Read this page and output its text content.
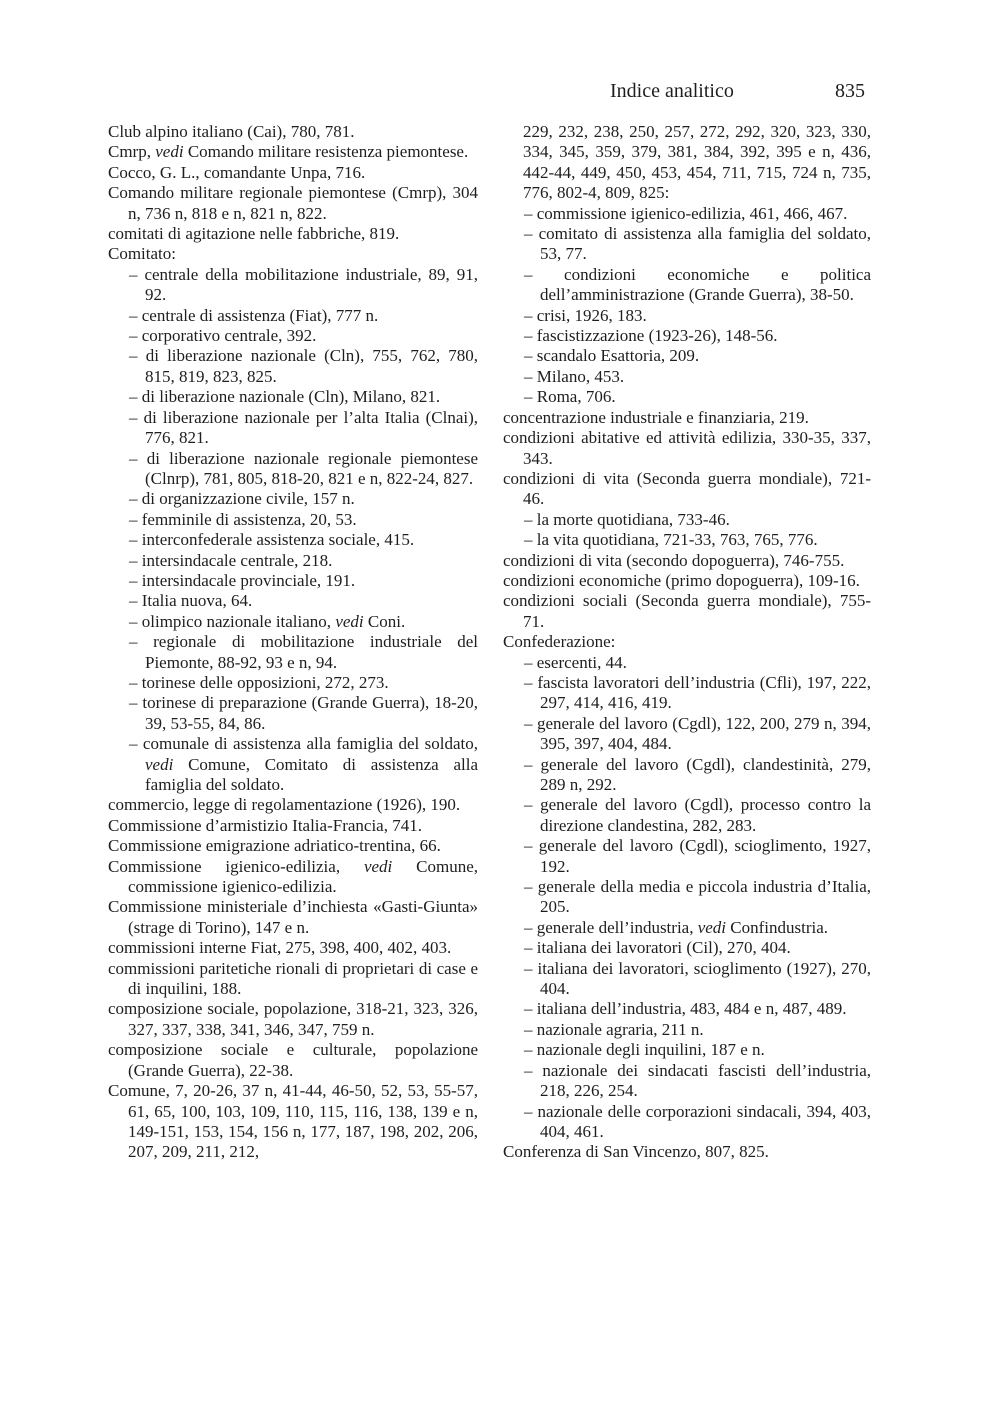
Indice analitico	835

Club alpino italiano (Cai), 780, 781.

Cmrp, vedi Comando militare resistenza piemontese.

Cocco, G. L., comandante Unpa, 716.

Comando militare regionale piemontese (Cmrp), 304 n, 736 n, 818 e n, 821 n, 822.

comitati di agitazione nelle fabbriche, 819.

Comitato:

– centrale della mobilitazione industriale, 89, 91, 92.

– centrale di assistenza (Fiat), 777 n.

– corporativo centrale, 392.

– di liberazione nazionale (Cln), 755, 762, 780, 815, 819, 823, 825.

– di liberazione nazionale (Cln), Milano, 821.

– di liberazione nazionale per l’alta Italia (Clnai), 776, 821.

– di liberazione nazionale regionale piemontese (Clnrp), 781, 805, 818-20, 821 e n, 822-24, 827.

– di organizzazione civile, 157 n.

– femminile di assistenza, 20, 53.

– interconfederale assistenza sociale, 415.

– intersindacale centrale, 218.

– intersindacale provinciale, 191.

– Italia nuova, 64.

– olimpico nazionale italiano, vedi Coni.

– regionale di mobilitazione industriale del Piemonte, 88-92, 93 e n, 94.

– torinese delle opposizioni, 272, 273.

– torinese di preparazione (Grande Guerra), 18-20, 39, 53-55, 84, 86.

– comunale di assistenza alla famiglia del soldato, vedi Comune, Comitato di assistenza alla famiglia del soldato.

commercio, legge di regolamentazione (1926), 190.

Commissione d’armistizio Italia-Francia, 741.

Commissione emigrazione adriatico-trentina, 66.

Commissione igienico-edilizia, vedi Comune, commissione igienico-edilizia.

Commissione ministeriale d’inchiesta «Gasti-Giunta» (strage di Torino), 147 e n.

commissioni interne Fiat, 275, 398, 400, 402, 403.

commissioni paritetiche rionali di proprietari di case e di inquilini, 188.

composizione sociale, popolazione, 318-21, 323, 326, 327, 337, 338, 341, 346, 347, 759 n.

composizione sociale e culturale, popolazione (Grande Guerra), 22-38.

Comune, 7, 20-26, 37 n, 41-44, 46-50, 52, 53, 55-57, 61, 65, 100, 103, 109, 110, 115, 116, 138, 139 e n, 149-151, 153, 154, 156 n, 177, 187, 198, 202, 206, 207, 209, 211, 212,

229, 232, 238, 250, 257, 272, 292, 320, 323, 330, 334, 345, 359, 379, 381, 384, 392, 395 e n, 436, 442-44, 449, 450, 453, 454, 711, 715, 724 n, 735, 776, 802-4, 809, 825:

– commissione igienico-edilizia, 461, 466, 467.

– comitato di assistenza alla famiglia del soldato, 53, 77.

– condizioni economiche e politica dell’amministrazione (Grande Guerra), 38-50.

– crisi, 1926, 183.

– fascistizzazione (1923-26), 148-56.

– scandalo Esattoria, 209.

– Milano, 453.

– Roma, 706.

concentrazione industriale e finanziaria, 219.

condizioni abitative ed attività edilizia, 330-35, 337, 343.

condizioni di vita (Seconda guerra mondiale), 721-46.

– la morte quotidiana, 733-46.

– la vita quotidiana, 721-33, 763, 765, 776.

condizioni di vita (secondo dopoguerra), 746-755.

condizioni economiche (primo dopoguerra), 109-16.

condizioni sociali (Seconda guerra mondiale), 755-71.

Confederazione:

– esercenti, 44.

– fascista lavoratori dell’industria (Cfli), 197, 222, 297, 414, 416, 419.

– generale del lavoro (Cgdl), 122, 200, 279 n, 394, 395, 397, 404, 484.

– generale del lavoro (Cgdl), clandestinità, 279, 289 n, 292.

– generale del lavoro (Cgdl), processo contro la direzione clandestina, 282, 283.

– generale del lavoro (Cgdl), scioglimento, 1927, 192.

– generale della media e piccola industria d’Italia, 205.

– generale dell’industria, vedi Confindustria.

– italiana dei lavoratori (Cil), 270, 404.

– italiana dei lavoratori, scioglimento (1927), 270, 404.

– italiana dell’industria, 483, 484 e n, 487, 489.

– nazionale agraria, 211 n.

– nazionale degli inquilini, 187 e n.

– nazionale dei sindacati fascisti dell’industria, 218, 226, 254.

– nazionale delle corporazioni sindacali, 394, 403, 404, 461.

Conferenza di San Vincenzo, 807, 825.
